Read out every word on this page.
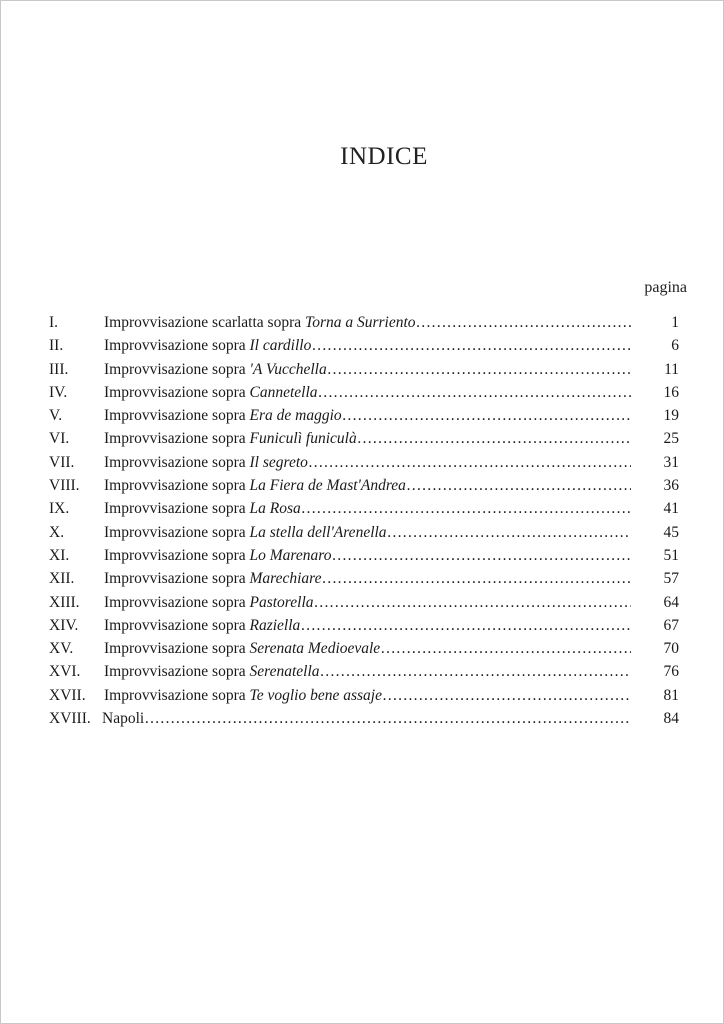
INDICE
pagina
I.	Improvvisazione scarlatta sopra Torna a Surriento ………………………………………………………………………………………………………………………………	1
II.	Improvvisazione sopra Il cardillo ………………………………………………………………………………………………………………………………	6
III. Improvvisazione sopra 'A Vucchella ………………………………………………………………………………………………………………………………	11
IV. Improvvisazione sopra Cannetella ………………………………………………………………………………………………………………………………	16
V.	Improvvisazione sopra Era de maggio ………………………………………………………………………………………………………………………………	19
VI. Improvvisazione sopra Funiculì funiculà ………………………………………………………………………………………………………………………………	25
VII. Improvvisazione sopra Il segreto ………………………………………………………………………………………………………………………………	31
VIII. Improvvisazione sopra La Fiera de Mast'Andrea ………………………………………………………………………………………………………………………………	36
IX. Improvvisazione sopra La Rosa ………………………………………………………………………………………………………………………………	41
X.	Improvvisazione sopra La stella dell'Arenella ………………………………………………………………………………………………………………………………	45
XI. Improvvisazione sopra Lo Marenaro ………………………………………………………………………………………………………………………………	51
XII. Improvvisazione sopra Marechiare ………………………………………………………………………………………………………………………………	57
XIII. Improvvisazione sopra Pastorella ………………………………………………………………………………………………………………………………	64
XIV. Improvvisazione sopra Raziella ………………………………………………………………………………………………………………………………	67
XV. Improvvisazione sopra Serenata Medioevale ………………………………………………………………………………………………………………………………	70
XVI. Improvvisazione sopra Serenatella ………………………………………………………………………………………………………………………………	76
XVII. Improvvisazione sopra Te voglio bene assaje ………………………………………………………………………………………………………………………………	81
XVIII. Napoli ………………………………………………………………………………………………………………………………	84
